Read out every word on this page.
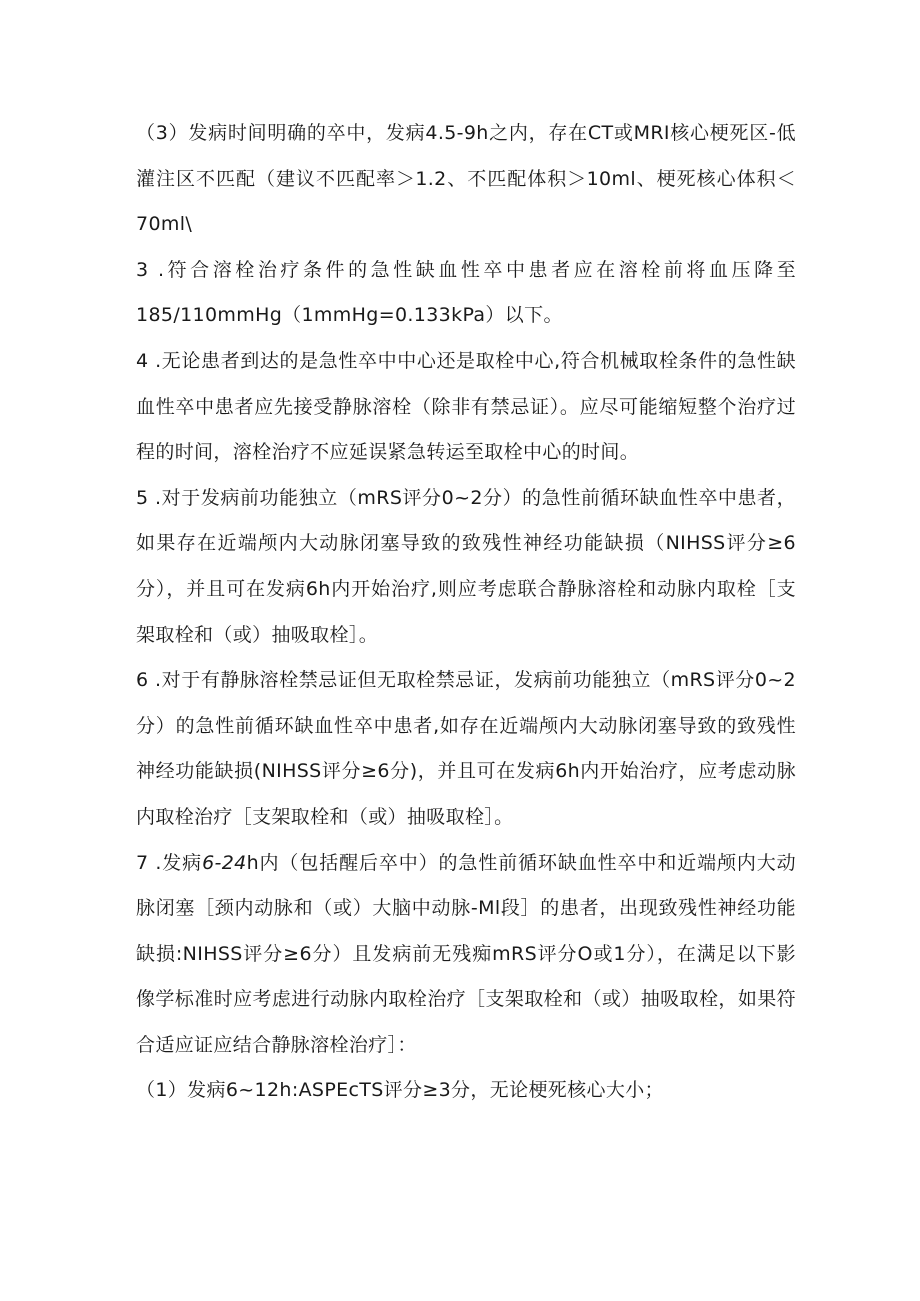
（3）发病时间明确的卒中，发病4.5-9h之内，存在CT或MRI核心梗死区-低灌注区不匹配（建议不匹配率＞1.2、不匹配体积＞10ml、梗死核心体积＜70ml\

3 .符合溶栓治疗条件的急性缺血性卒中患者应在溶栓前将血压降至185/110mmHg（1mmHg=0.133kPa）以下。

4 .无论患者到达的是急性卒中中心还是取栓中心,符合机械取栓条件的急性缺血性卒中患者应先接受静脉溶栓（除非有禁忌证）。应尽可能缩短整个治疗过程的时间，溶栓治疗不应延误紧急转运至取栓中心的时间。

5 .对于发病前功能独立（mRS评分0~2分）的急性前循环缺血性卒中患者，如果存在近端颅内大动脉闭塞导致的致残性神经功能缺损（NIHSS评分≥6分），并且可在发病6h内开始治疗,则应考虑联合静脉溶栓和动脉内取栓［支架取栓和（或）抽吸取栓］。

6 .对于有静脉溶栓禁忌证但无取栓禁忌证，发病前功能独立（mRS评分0~2分）的急性前循环缺血性卒中患者,如存在近端颅内大动脉闭塞导致的致残性神经功能缺损(NIHSS评分≥6分)，并且可在发病6h内开始治疗，应考虑动脉内取栓治疗［支架取栓和（或）抽吸取栓］。

7 .发病6-24h内（包括醒后卒中）的急性前循环缺血性卒中和近端颅内大动脉闭塞［颈内动脉和（或）大脑中动脉-Ml段］的患者，出现致残性神经功能缺损:NIHSS评分≥6分）且发病前无残痴mRS评分O或1分），在满足以下影像学标准时应考虑进行动脉内取栓治疗［支架取栓和（或）抽吸取栓，如果符合适应证应结合静脉溶栓治疗］：

（1）发病6~12h:ASPEcTS评分≥3分，无论梗死核心大小；
